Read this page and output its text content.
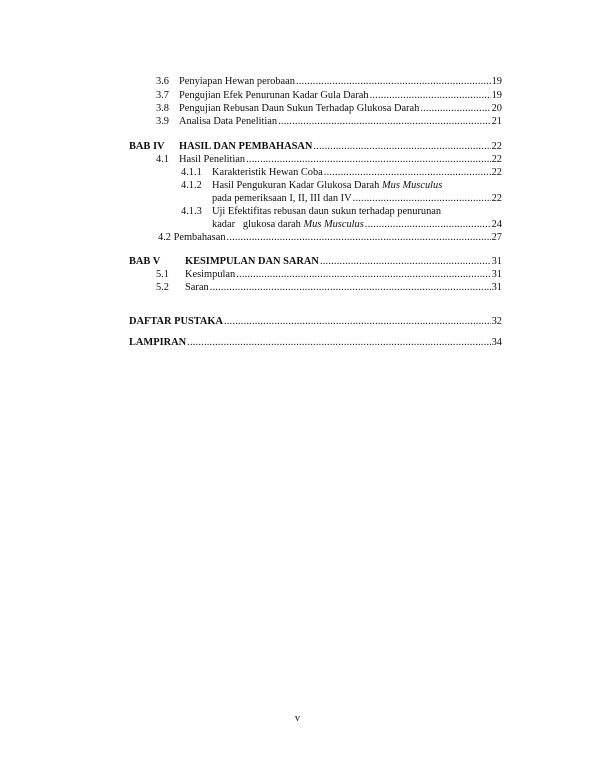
3.6 Penyiapan Hewan perobaan .....	19
3.7 Pengujian Efek Penurunan Kadar Gula Darah .....	19
3.8 Pengujian Rebusan Daun Sukun Terhadap Glukosa Darah .....	20
3.9 Analisa Data Penelitian .....	21
BAB IV	HASIL DAN PEMBAHASAN .....	22
4.1 Hasil Penelitian .....	22
4.1.1 Karakteristik Hewan Coba .....	22
4.1.2 Hasil Pengukuran Kadar Glukosa Darah Mus Musculus
pada pemeriksaan I, II, III dan IV .....	22
4.1.3 Uji Efektifitas rebusan daun sukun terhadap penurunan
kadar   glukosa darah Mus Musculus .....	24
4.2 Pembahasan .....	27
BAB V	KESIMPULAN DAN SARAN .....	31
5.1	Kesimpulan .....	31
5.2	Saran .....	31
DAFTAR PUSTAKA .....	32
LAMPIRAN .....	34
v
